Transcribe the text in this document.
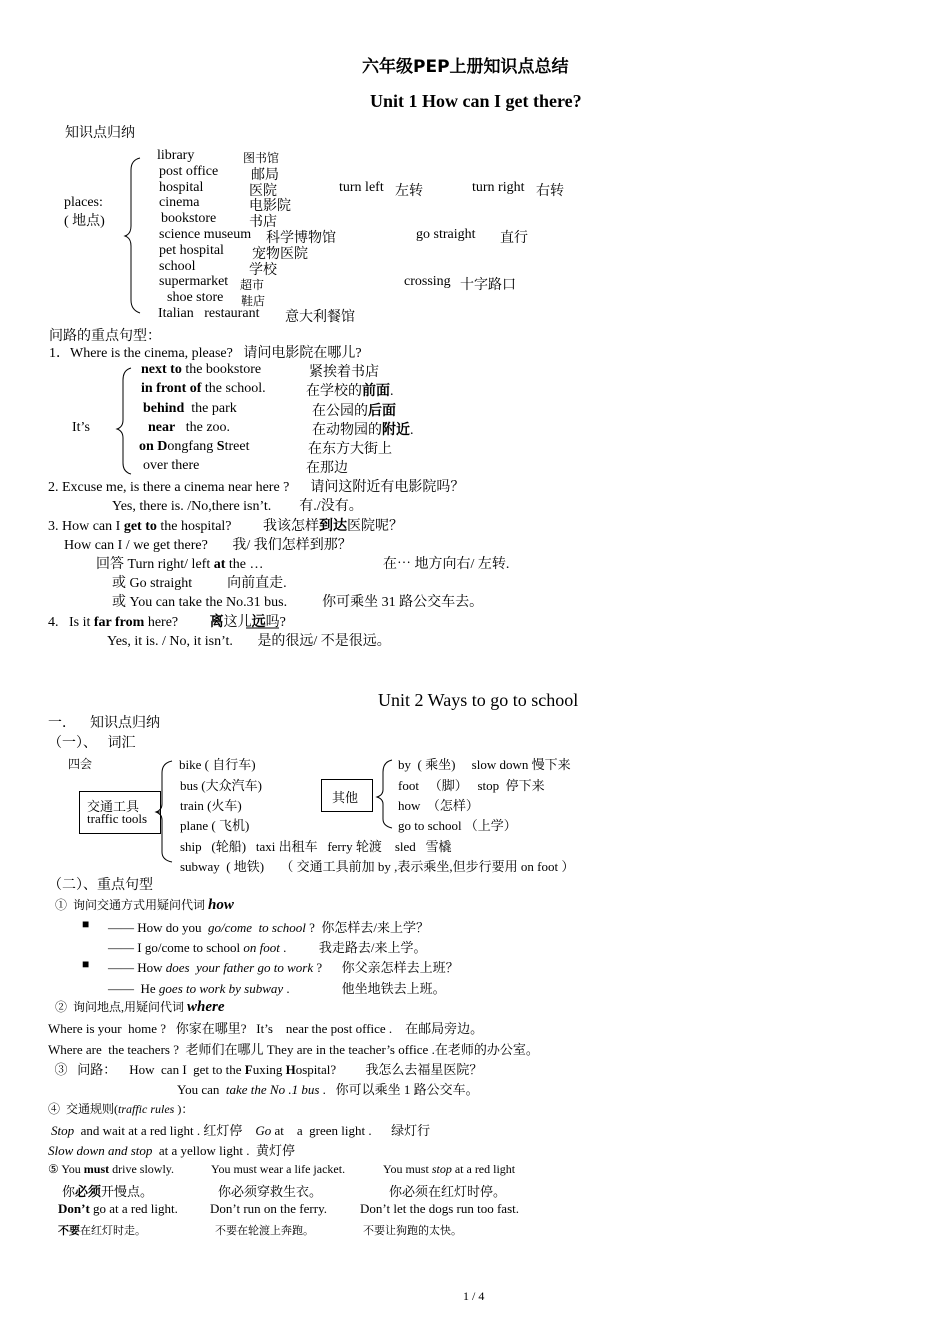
六年级PEP上册知识点总结
Unit 1 How can I get there?
知识点归纳
places:
( 地点)
library	图书馆
post office 邮局
hospital	医院
cinema	电影院
bookstore 书店
science museum 科学博物馆
pet hospital 宠物医院
school	学校
supermarket 超市
shoe store 鞋店
Italian   restaurant 意大利餐馆
turn left 左转	turn right 右转
go straight 直行
crossing 十字路口
问路的重点句型：
1．Where is the cinema, please?   请问电影院在哪儿?
It’s
next to the bookstore	紧挨着书店
in front of the school.	在学校的前面.
behind  the park	在公园的后面
near   the zoo.	在动物园的附近.
on Dongfang Street	在东方大街上
over there	在那边
2. Excuse me, is there a cinema near here ?      请问这附近有电影院吗？
Yes, there is. /No,there isn’t.        有./没有。
3. How can I get to the hospital?         我该怎样到达医院呢？
How can I / we get there?       我/ 我们怎样到那？
回答 Turn right/ left at the …	在⋯ 地方向右/ 左转.
或 Go straight          向前直走.
或 You can take the No.31 bus.          你可乘坐 31 路公交车去。
4.   Is it far from here?         离这儿远吗?
Yes, it is. / No, it isn’t.       是的很远/ 不是很远。
Unit 2 Ways to go to school
一．    知识点归纳
（一）、   词汇
四会
交通工具
traffic tools
bike ( 自行车)
bus (大众汽车)
train (火车)
plane ( 飞机)
ship   (轮船)   taxi 出租车   ferry 轮渡    sled   雪橇
subway  ( 地铁)     （ 交通工具前加 by ,表示乘坐,但步行要用 on foot ）
其他
by  ( 乘坐)     slow down 慢下来
foot   （脚）   stop  停下来
how  （怎样）
go to school （上学）
（二）、重点句型
①  询问交通方式用疑问代词 how
■ —— How do you  go/come  to school ?  你怎样去/来上学？
—— I go/come to school on foot .          我走路去/来上学。
■ —— How does  your father go to work ?      你父亲怎样去上班？
——  He goes to work by subway .                他坐地铁去上班。
②  询问地点,用疑问代词 where
Where is your  home ?   你家在哪里?   It’s    near the post office .    在邮局旁边。
Where are  the teachers ?  老师们在哪儿 They are in the teacher’s office .在老师的办公室。
③   问路：    How  can I  get to the Fuxing Hospital?         我怎么去福星医院？
You can  take the No .1 bus .   你可以乘坐 1 路公交车。
④  交通规则(traffic rules )：
Stop  and wait at a red light . 红灯停    Go at    a  green light .      绿灯行
Slow down and stop  at a yellow light .  黄灯停
⑤ You must drive slowly.	You must wear a life jacket.	You must stop at a red light
你必须开慢点。	你必须穿救生衣。	你必须在红灯时停。
Don’t go at a red light. Don’t run on the ferry.	Don’t let the dogs run too fast.
不要在红灯时走。	不要在轮渡上奔跑。	不要让狗跑的太快。
1 / 4
